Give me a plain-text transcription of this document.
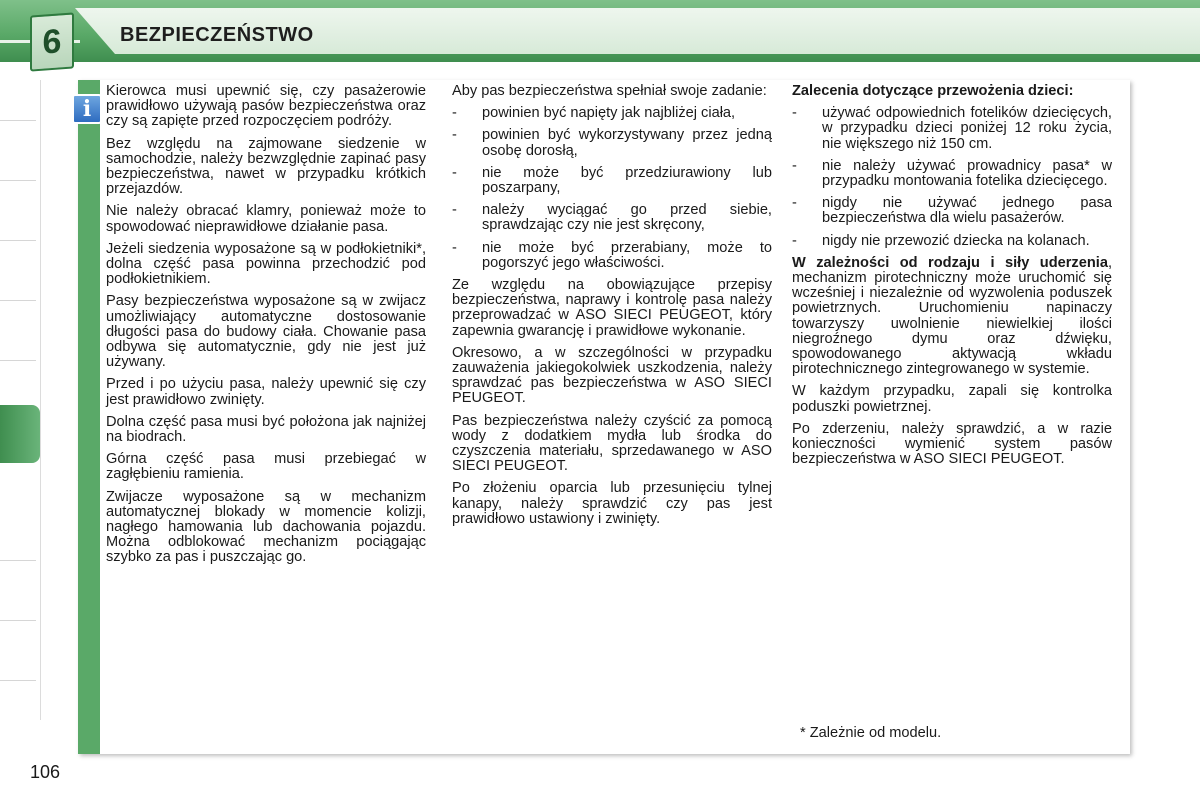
6	BEZPIECZEŃSTWO
i

Kierowca musi upewnić się, czy pasażerowie prawidłowo używają pasów bezpieczeństwa oraz czy są zapięte przed rozpoczęciem podróży.

Bez względu na zajmowane siedzenie w samochodzie, należy bezwzględnie zapinać pasy bezpieczeństwa, nawet w przypadku krótkich przejazdów.

Nie należy obracać klamry, ponieważ może to spowodować nieprawidłowe działanie pasa.

Jeżeli siedzenia wyposażone są w podłokietniki*, dolna część pasa powinna przechodzić pod podłokietnikiem.

Pasy bezpieczeństwa wyposażone są w zwijacz umożliwiający automatyczne dostosowanie długości pasa do budowy ciała. Chowanie pasa odbywa się automatycznie, gdy nie jest już używany.

Przed i po użyciu pasa, należy upewnić się czy jest prawidłowo zwinięty.

Dolna część pasa musi być położona jak najniżej na biodrach.

Górna część pasa musi przebiegać w zagłębieniu ramienia.

Zwijacze wyposażone są w mechanizm automatycznej blokady w momencie kolizji, nagłego hamowania lub dachowania pojazdu. Można odblokować mechanizm pociągając szybko za pas i puszczając go.

Aby pas bezpieczeństwa spełniał swoje zadanie:

-	powinien być napięty jak najbliżej ciała,
-	powinien być wykorzystywany przez jedną osobę dorosłą,
-	nie może być przedziurawiony lub poszarpany,
-	należy wyciągać go przed siebie, sprawdzając czy nie jest skręcony,
-	nie może być przerabiany, może to pogorszyć jego właściwości.

Ze względu na obowiązujące przepisy bezpieczeństwa, naprawy i kontrolę pasa należy przeprowadzać w ASO SIECI PEUGEOT, który zapewnia gwarancję i prawidłowe wykonanie.

Okresowo, a w szczególności w przypadku zauważenia jakiegokolwiek uszkodzenia, należy sprawdzać pas bezpieczeństwa w ASO SIECI PEUGEOT.

Pas bezpieczeństwa należy czyścić za pomocą wody z dodatkiem mydła lub środka do czyszczenia materiału, sprzedawanego w ASO SIECI PEUGEOT.

Po złożeniu oparcia lub przesunięciu tylnej kanapy, należy sprawdzić czy pas jest prawidłowo ustawiony i zwinięty.

Zalecenia dotyczące przewożenia dzieci:

-	używać odpowiednich fotelików dziecięcych, w przypadku dzieci poniżej 12 roku życia, nie większego niż 150 cm.
-	nie należy używać prowadnicy pasa* w przypadku montowania fotelika dziecięcego.
-	nigdy nie używać jednego pasa bezpieczeństwa dla wielu pasażerów.
-	nigdy nie przewozić dziecka na kolanach.

W zależności od rodzaju i siły uderzenia, mechanizm pirotechniczny może uruchomić się wcześniej i niezależnie od wyzwolenia poduszek powietrznych. Uruchomieniu napinaczy towarzyszy uwolnienie niewielkiej ilości niegroźnego dymu oraz dźwięku, spowodowanego aktywacją wkładu pirotechnicznego zintegrowanego w systemie.

W każdym przypadku, zapali się kontrolka poduszki powietrznej.

Po zderzeniu, należy sprawdzić, a w razie konieczności wymienić system pasów bezpieczeństwa w ASO SIECI PEUGEOT.

* Zależnie od modelu.
106
